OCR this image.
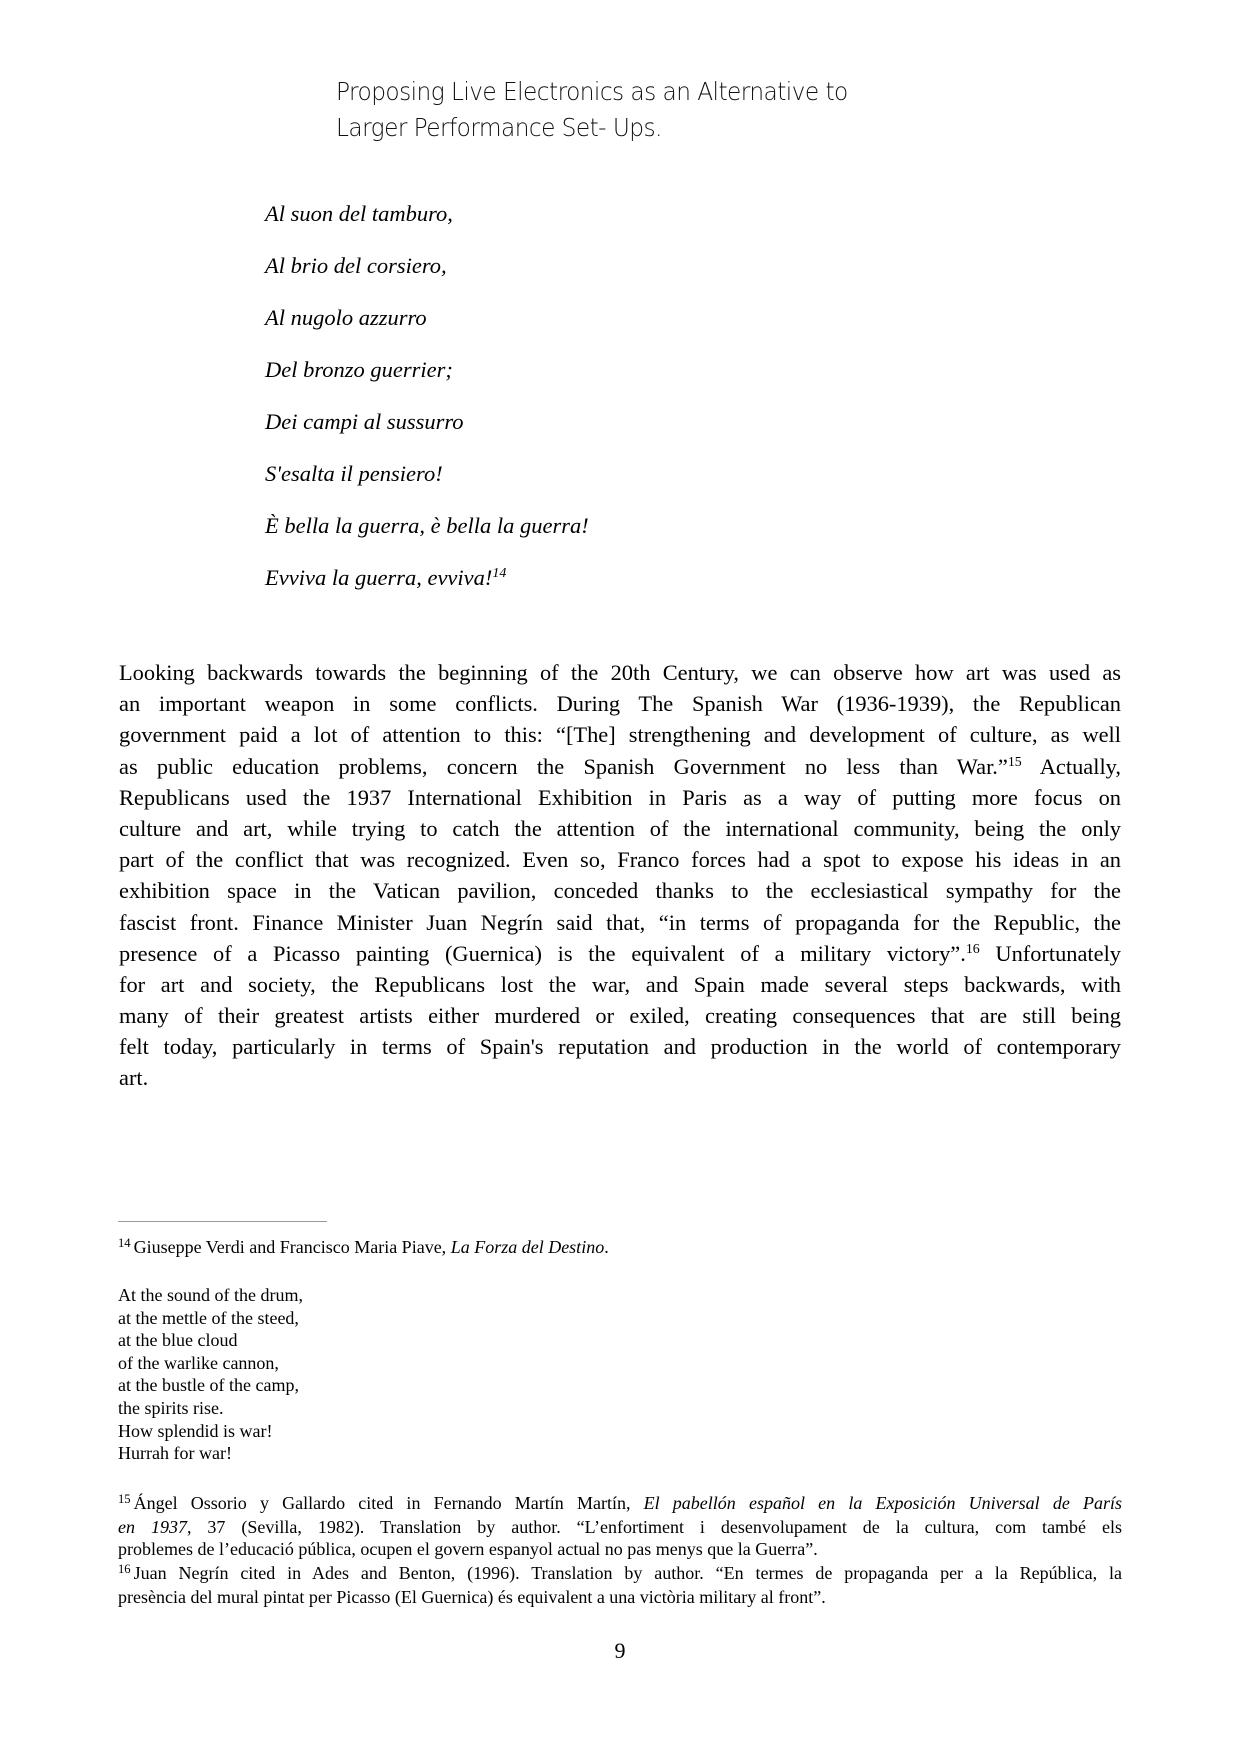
Proposing Live Electronics as an Alternative to
Larger Performance Set- Ups.
Al suon del tamburo,
Al brio del corsiero,
Al nugolo azzurro
Del bronzo guerrier;
Dei campi al sussurro
S'esalta il pensiero!
È bella la guerra, è bella la guerra!
Evviva la guerra, evviva!$^{14}$
Looking backwards towards the beginning of the 20th Century, we can observe how art was used as
an important weapon in some conflicts. During The Spanish War (1936-1939), the Republican
government paid a lot of attention to this: “[The] strengthening and development of culture, as well
as public education problems, concern the Spanish Government no less than War.”$^{15}$ Actually,
Republicans used the 1937 International Exhibition in Paris as a way of putting more focus on
culture and art, while trying to catch the attention of the international community, being the only
part of the conflict that was recognized. Even so, Franco forces had a spot to expose his ideas in an
exhibition space in the Vatican pavilion, conceded thanks to the ecclesiastical sympathy for the
fascist front. Finance Minister Juan Negrín said that, “in terms of propaganda for the Republic, the
presence of a Picasso painting (Guernica) is the equivalent of a military victory”.$^{16}$ Unfortunately
for art and society, the Republicans lost the war, and Spain made several steps backwards, with
many of their greatest artists either murdered or exiled, creating consequences that are still being
felt today, particularly in terms of Spain's reputation and production in the world of contemporary
art.
$^{14}$ Giuseppe Verdi and Francisco Maria Piave, La Forza del Destino.
At the sound of the drum,
at the mettle of the steed,
at the blue cloud
of the warlike cannon,
at the bustle of the camp,
the spirits rise.
How splendid is war!
Hurrah for war!
$^{15}$ Ángel Ossorio y Gallardo cited in Fernando Martín Martín, El pabellón español en la Exposición Universal de París
en 1937, 37 (Sevilla, 1982). Translation by author. “L’enfortiment i desenvolupament de la cultura, com també els
problemes de l’educació pública, ocupen el govern espanyol actual no pas menys que la Guerra”.
$^{16}$ Juan Negrín cited in Ades and Benton, (1996). Translation by author. “En termes de propaganda per a la República, la
presència del mural pintat per Picasso (El Guernica) és equivalent a una victòria military al front”.
9
